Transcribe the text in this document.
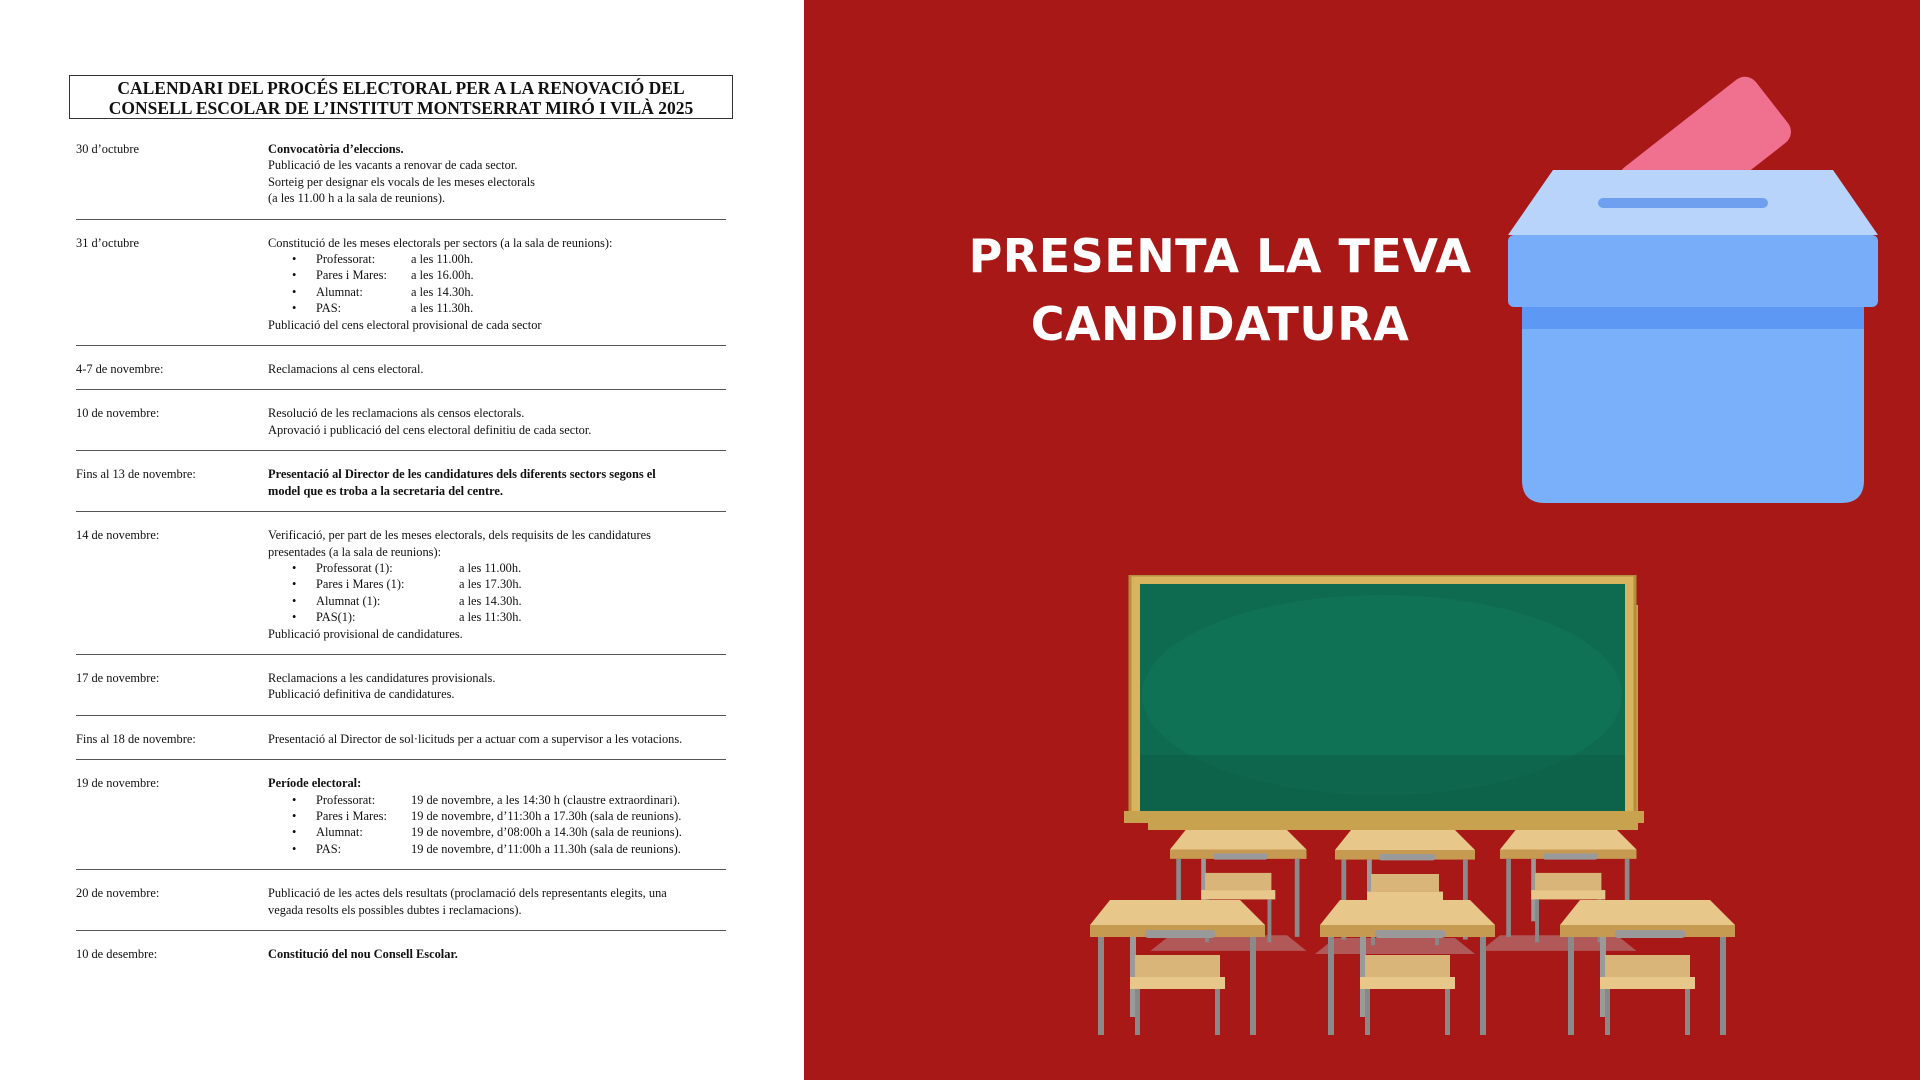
CALENDARI DEL PROCÉS ELECTORAL PER A LA RENOVACIÓ DEL
CONSELL ESCOLAR DE L’INSTITUT MONTSERRAT MIRÓ I VILÀ 2025
30 d’octubre	Convocatòria d’eleccions.
Publicació de les vacants a renovar de cada sector.
Sorteig per designar els vocals de les meses electorals
(a les 11.00 h a la sala de reunions).
31 d’octubre	Constitució de les meses electorals per sectors (a la sala de reunions):
•	Professorat:	a les 11.00h.
•	Pares i Mares:	a les 16.00h.
•	Alumnat:	a les 14.30h.
•	PAS:	a les 11.30h.
Publicació del cens electoral provisional de cada sector
4-7 de novembre:	Reclamacions al cens electoral.
10 de novembre:	Resolució de les reclamacions als censos electorals.
Aprovació i publicació del cens electoral definitiu de cada sector.
Fins al 13 de novembre:	Presentació al Director de les candidatures dels diferents sectors segons el
model que es troba a la secretaria del centre.
14 de novembre:	Verificació, per part de les meses electorals, dels requisits de les candidatures
presentades (a la sala de reunions):
•	Professorat (1):	a les 11.00h.
•	Pares i Mares (1):	a les 17.30h.
•	Alumnat (1):	a les 14.30h.
•	PAS(1):	a les 11:30h.
Publicació provisional de candidatures.
17 de novembre:	Reclamacions a les candidatures provisionals.
Publicació definitiva de candidatures.
Fins al 18 de novembre:	Presentació al Director de sol·licituds per a actuar com a supervisor a les votacions.
19 de novembre:	Període electoral:
•	Professorat:	19 de novembre, a les 14:30 h (claustre extraordinari).
•	Pares i Mares:	19 de novembre, d’11:30h a 17.30h (sala de reunions).
•	Alumnat:	19 de novembre, d’08:00h a 14.30h (sala de reunions).
•	PAS:	19 de novembre, d’11:00h a 11.30h (sala de reunions).
20 de novembre:	Publicació de les actes dels resultats (proclamació dels representants elegits, una
vegada resolts els possibles dubtes i reclamacions).
10 de desembre:	Constitució del nou Consell Escolar.
PRESENTA LA TEVA
CANDIDATURA
